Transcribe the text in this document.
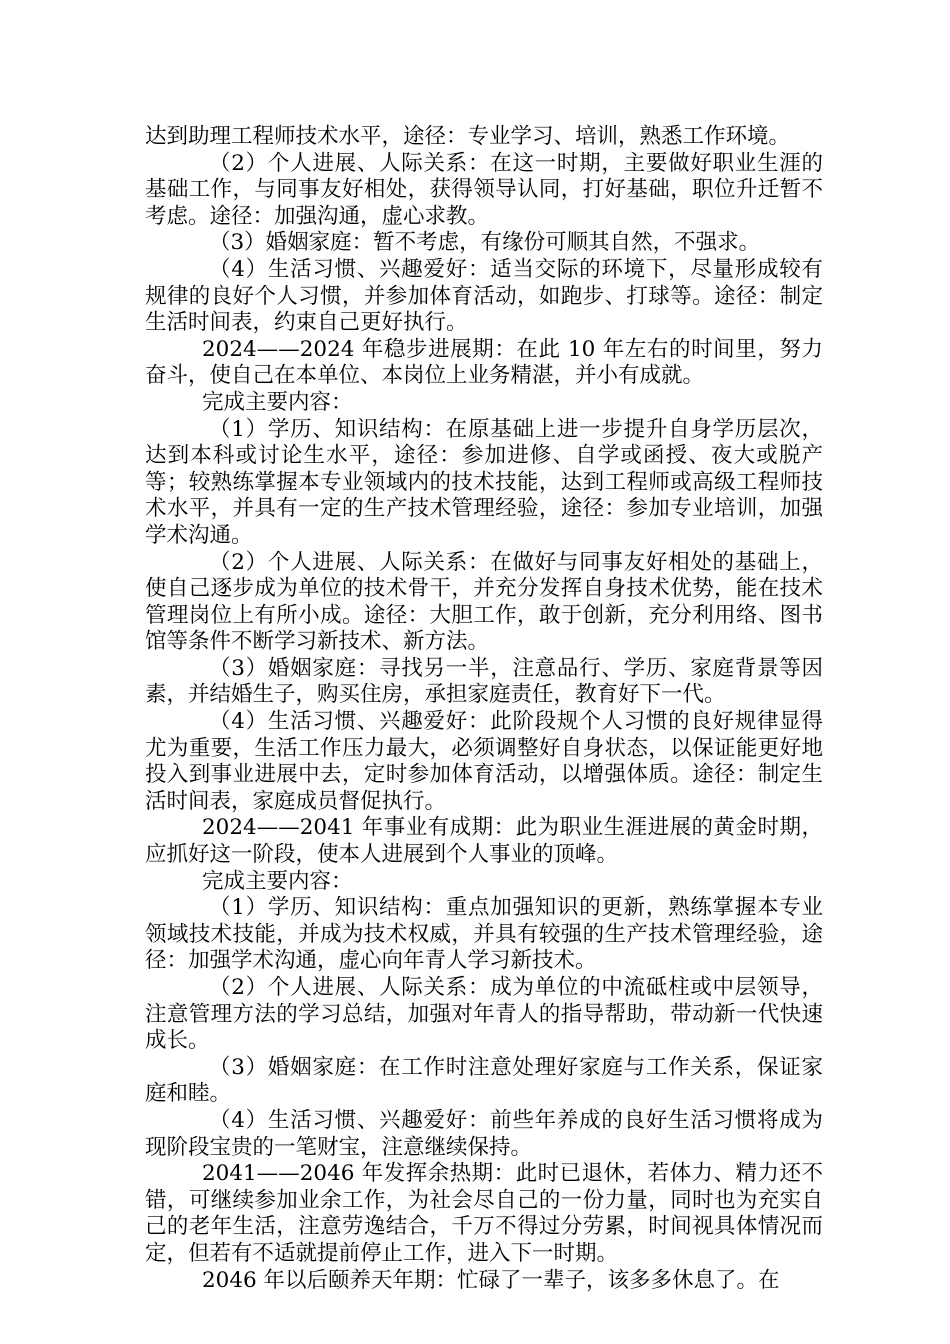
达到助理工程师技术水平，途径：专业学习、培训，熟悉工作环境。

（2）个人进展、人际关系：在这一时期，主要做好职业生涯的基础工作，与同事友好相处，获得领导认同，打好基础，职位升迁暂不考虑。途径：加强沟通，虚心求教。

（3）婚姻家庭：暂不考虑，有缘份可顺其自然，不强求。

（4）生活习惯、兴趣爱好：适当交际的环境下，尽量形成较有规律的良好个人习惯，并参加体育活动，如跑步、打球等。途径：制定生活时间表，约束自己更好执行。

2024——2024 年稳步进展期：在此 10 年左右的时间里，努力奋斗，使自己在本单位、本岗位上业务精湛，并小有成就。

完成主要内容：

（1）学历、知识结构：在原基础上进一步提升自身学历层次，达到本科或讨论生水平，途径：参加进修、自学或函授、夜大或脱产等；较熟练掌握本专业领域内的技术技能，达到工程师或高级工程师技术水平，并具有一定的生产技术管理经验，途径：参加专业培训，加强学术沟通。

（2）个人进展、人际关系：在做好与同事友好相处的基础上，使自己逐步成为单位的技术骨干，并充分发挥自身技术优势，能在技术管理岗位上有所小成。途径：大胆工作，敢于创新，充分利用络、图书馆等条件不断学习新技术、新方法。

（3）婚姻家庭：寻找另一半，注意品行、学历、家庭背景等因素，并结婚生子，购买住房，承担家庭责任，教育好下一代。

（4）生活习惯、兴趣爱好：此阶段规个人习惯的良好规律显得尤为重要，生活工作压力最大，必须调整好自身状态，以保证能更好地投入到事业进展中去，定时参加体育活动，以增强体质。途径：制定生活时间表，家庭成员督促执行。

2024——2041 年事业有成期：此为职业生涯进展的黄金时期，应抓好这一阶段，使本人进展到个人事业的顶峰。

完成主要内容：

（1）学历、知识结构：重点加强知识的更新，熟练掌握本专业领域技术技能，并成为技术权威，并具有较强的生产技术管理经验，途径：加强学术沟通，虚心向年青人学习新技术。

（2）个人进展、人际关系：成为单位的中流砥柱或中层领导，注意管理方法的学习总结，加强对年青人的指导帮助，带动新一代快速成长。

（3）婚姻家庭：在工作时注意处理好家庭与工作关系，保证家庭和睦。

（4）生活习惯、兴趣爱好：前些年养成的良好生活习惯将成为现阶段宝贵的一笔财宝，注意继续保持。

2041——2046 年发挥余热期：此时已退休，若体力、精力还不错，可继续参加业余工作，为社会尽自己的一份力量，同时也为充实自己的老年生活，注意劳逸结合，千万不得过分劳累，时间视具体情况而定，但若有不适就提前停止工作，进入下一时期。

2046 年以后颐养天年期：忙碌了一辈子，该多多休息了。在
